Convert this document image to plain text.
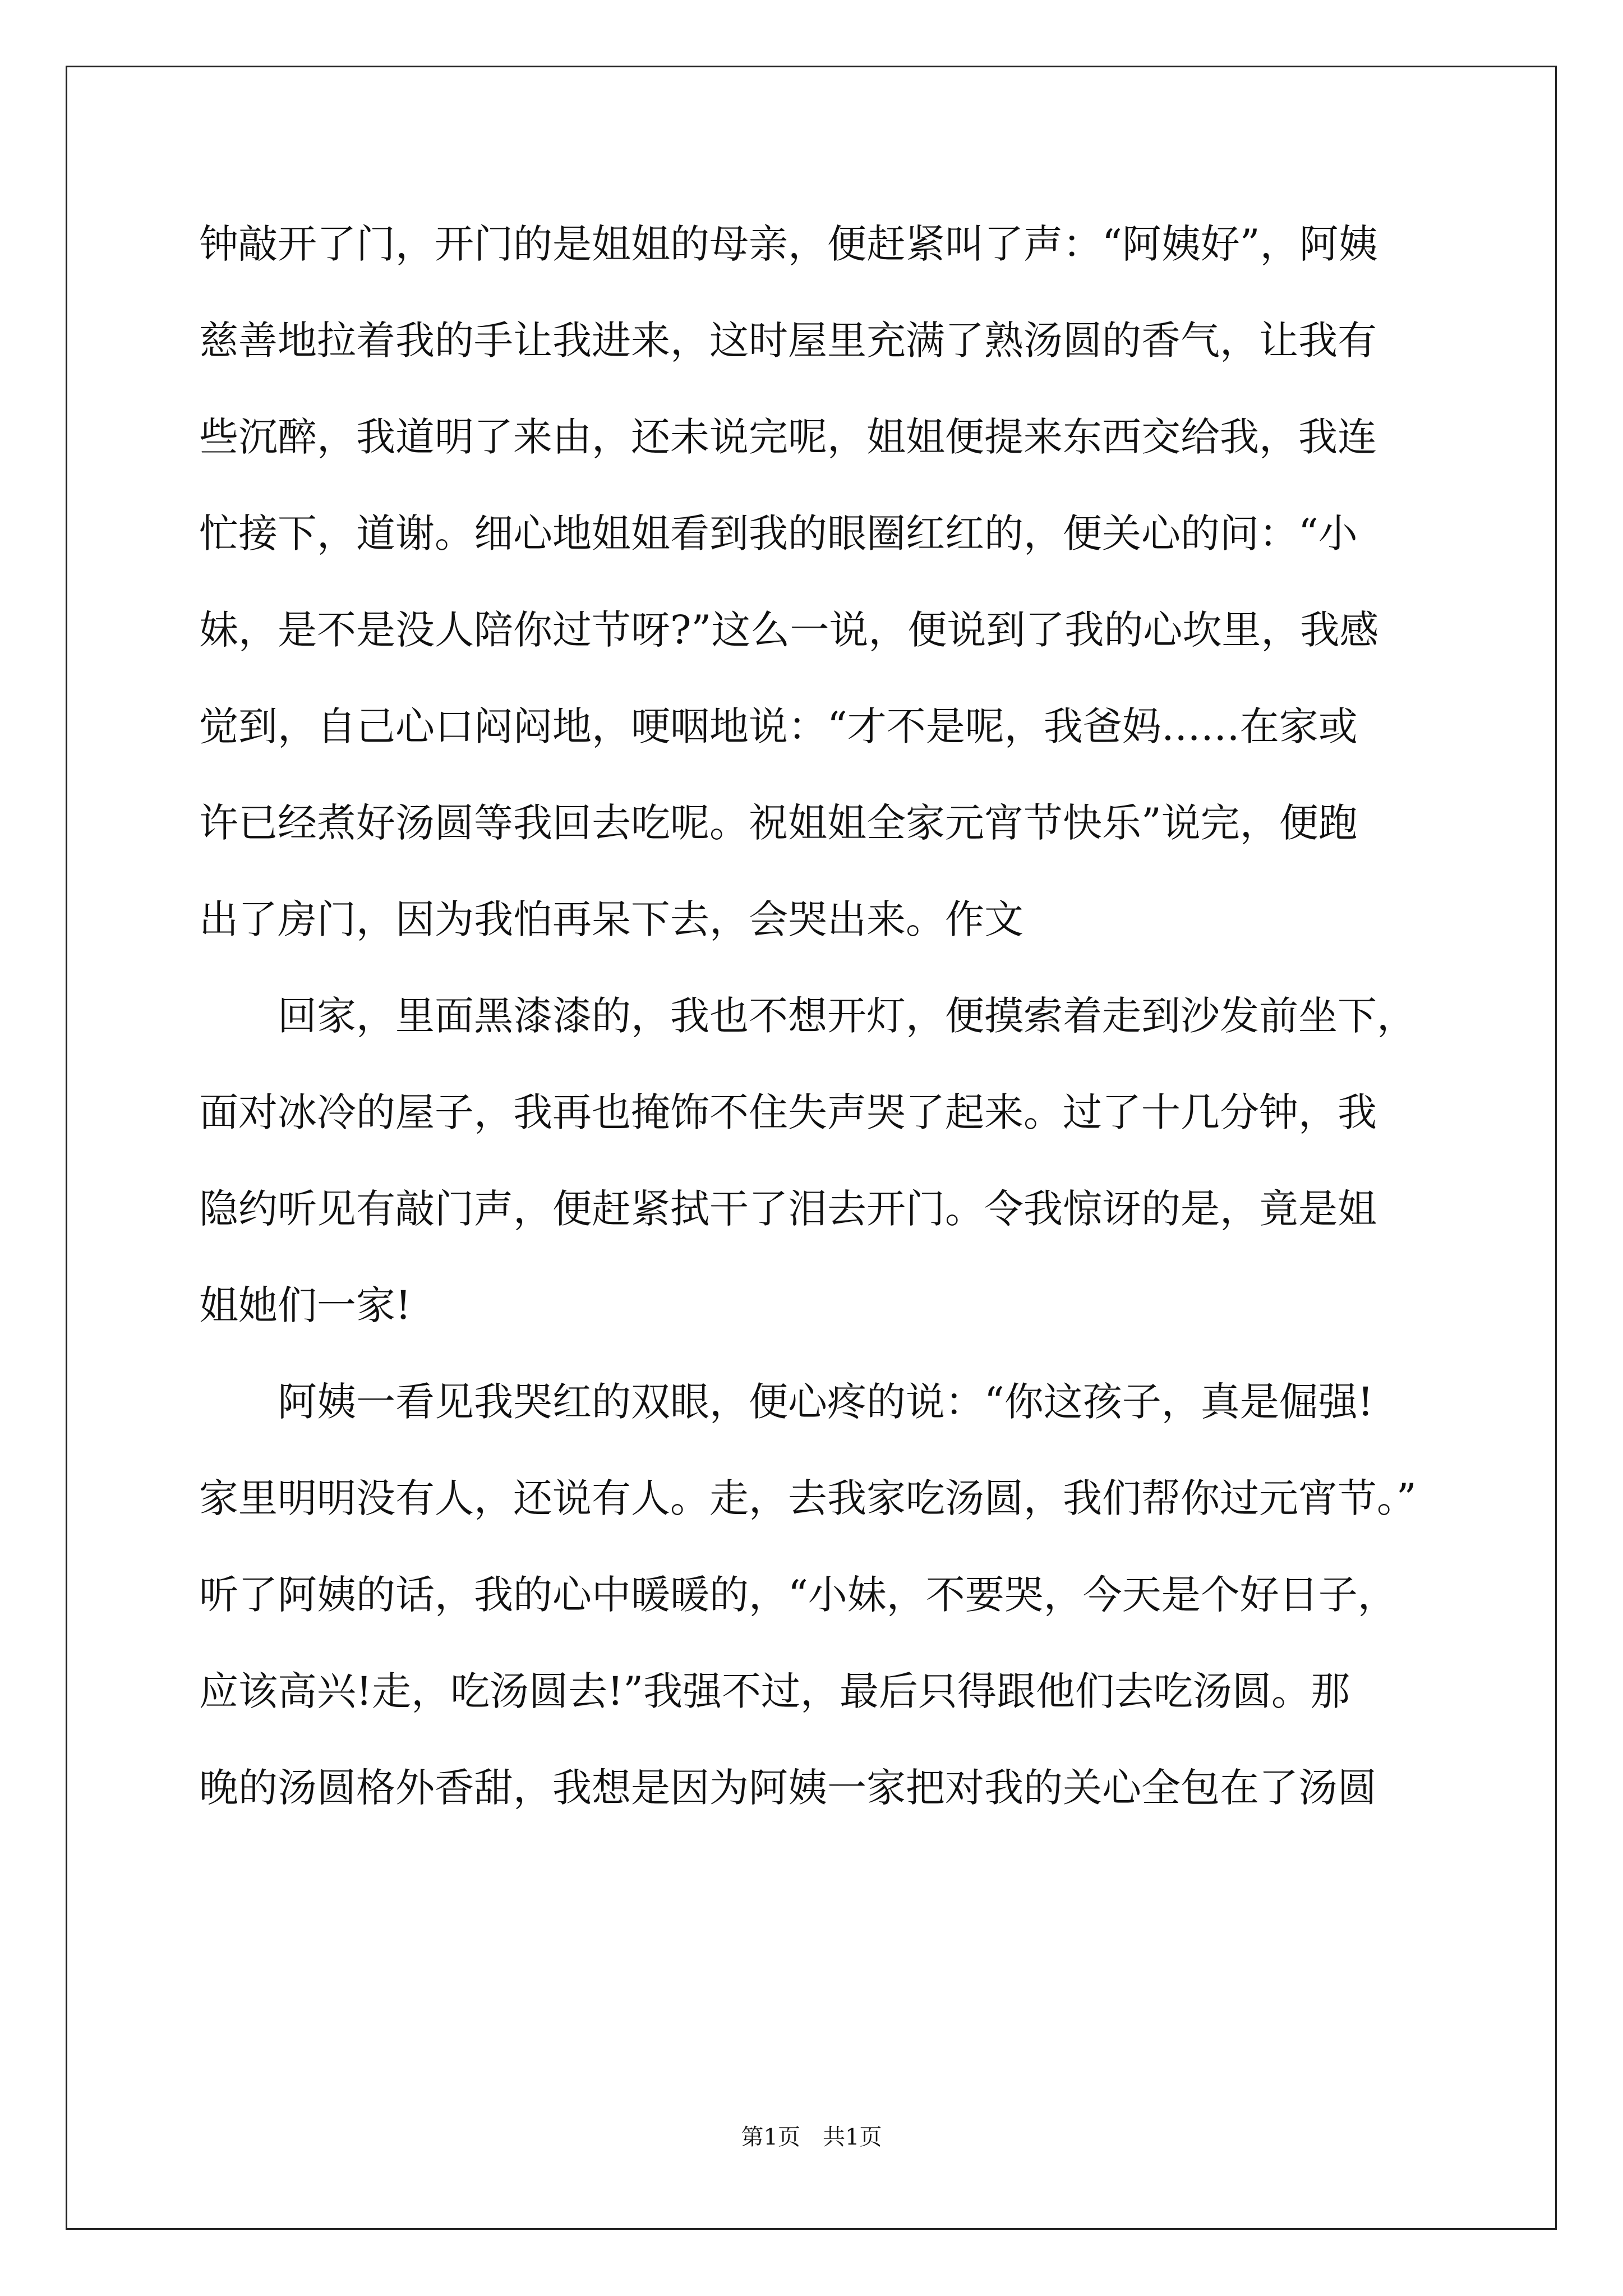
钟敲开了门，开门的是姐姐的母亲，便赶紧叫了声：“阿姨好”，阿姨
慈善地拉着我的手让我进来，这时屋里充满了熟汤圆的香气，让我有
些沉醉，我道明了来由，还未说完呢，姐姐便提来东西交给我，我连
忙接下，道谢。细心地姐姐看到我的眼圈红红的，便关心的问：“小
妹，是不是没人陪你过节呀?”这么一说，便说到了我的心坎里，我感
觉到，自己心口闷闷地，哽咽地说：“才不是呢，我爸妈……在家或
许已经煮好汤圆等我回去吃呢。祝姐姐全家元宵节快乐”说完，便跑
出了房门，因为我怕再呆下去，会哭出来。作文
　　回家，里面黑漆漆的，我也不想开灯，便摸索着走到沙发前坐下，
面对冰冷的屋子，我再也掩饰不住失声哭了起来。过了十几分钟，我
隐约听见有敲门声，便赶紧拭干了泪去开门。令我惊讶的是，竟是姐
姐她们一家!
　　阿姨一看见我哭红的双眼，便心疼的说：“你这孩子，真是倔强!
家里明明没有人，还说有人。走，去我家吃汤圆，我们帮你过元宵节。”
听了阿姨的话，我的心中暖暖的，“小妹，不要哭，今天是个好日子，
应该高兴!走，吃汤圆去!”我强不过，最后只得跟他们去吃汤圆。那
晚的汤圆格外香甜，我想是因为阿姨一家把对我的关心全包在了汤圆
第1页　共1页
